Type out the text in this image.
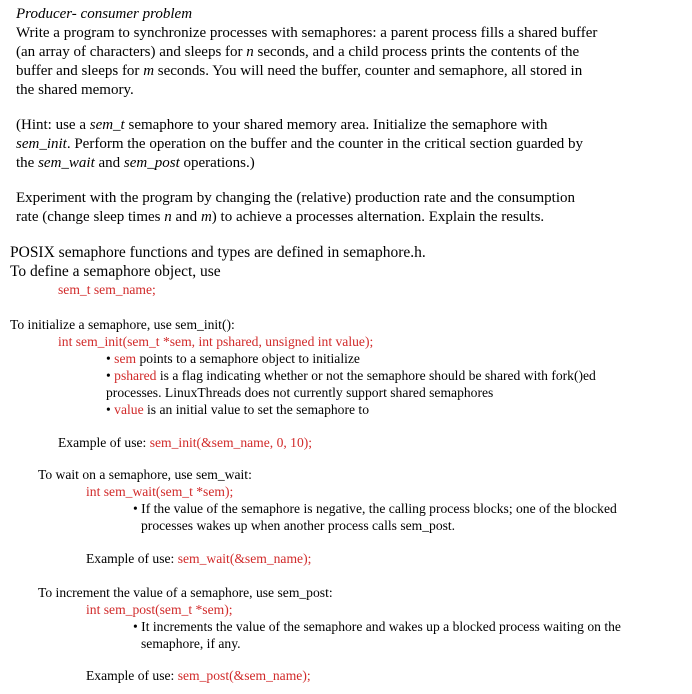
Producer- consumer problem
Write a program to synchronize processes with semaphores: a parent process fills a shared buffer
(an array of characters) and sleeps for n seconds, and a child process prints the contents of the
buffer and sleeps for m seconds. You will need the buffer, counter and semaphore, all stored in
the shared memory.
(Hint: use a sem_t semaphore to your shared memory area. Initialize the semaphore with
sem_init. Perform the operation on the buffer and the counter in the critical section guarded by
the sem_wait and sem_post operations.)
Experiment with the program by changing the (relative) production rate and the consumption
rate (change sleep times n and m) to achieve a processes alternation. Explain the results.
POSIX semaphore functions and types are defined in semaphore.h.
To define a semaphore object, use
sem_t sem_name;
To initialize a semaphore, use sem_init():
int sem_init(sem_t *sem, int pshared, unsigned int value);
• sem points to a semaphore object to initialize
• pshared is a flag indicating whether or not the semaphore should be shared with fork()ed
processes. LinuxThreads does not currently support shared semaphores
• value is an initial value to set the semaphore to
Example of use: sem_init(&sem_name, 0, 10);
To wait on a semaphore, use sem_wait:
int sem_wait(sem_t *sem);
• If the value of the semaphore is negative, the calling process blocks; one of the blocked
processes wakes up when another process calls sem_post.
Example of use: sem_wait(&sem_name);
To increment the value of a semaphore, use sem_post:
int sem_post(sem_t *sem);
• It increments the value of the semaphore and wakes up a blocked process waiting on the
semaphore, if any.
Example of use: sem_post(&sem_name);
